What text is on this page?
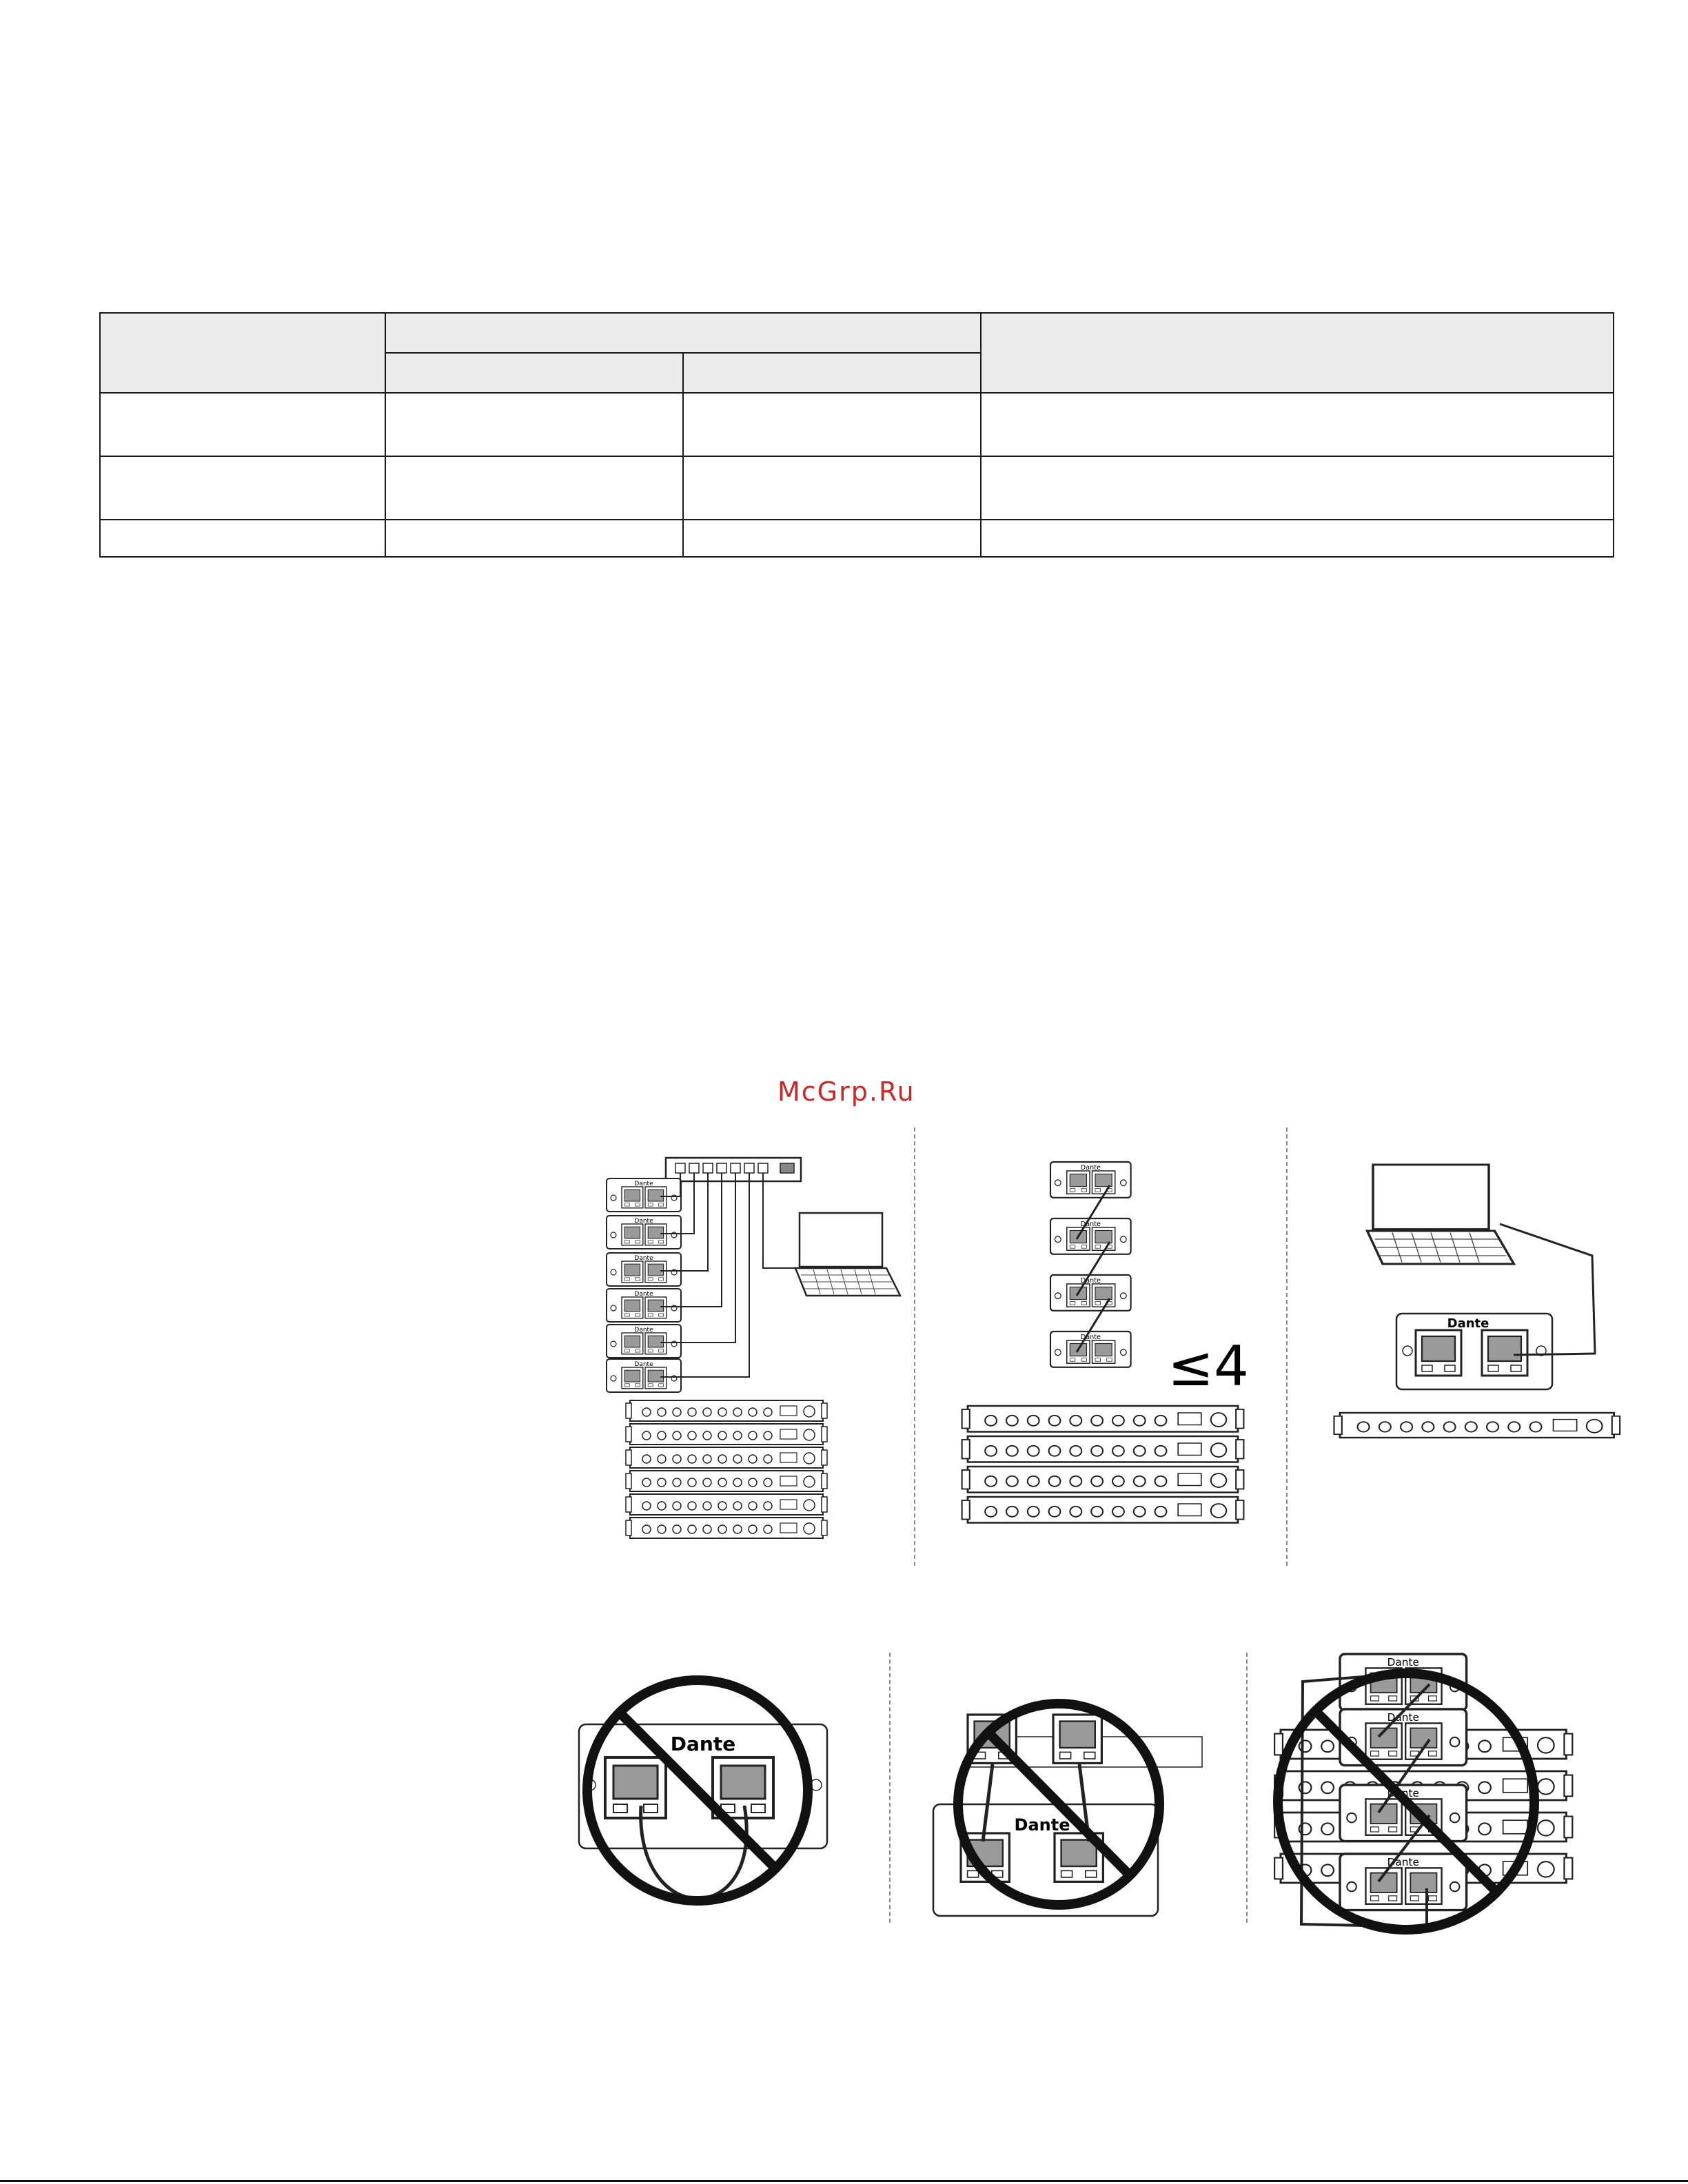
McGrp.Ru
Dante
≤4
Dante
Dante
Dante
